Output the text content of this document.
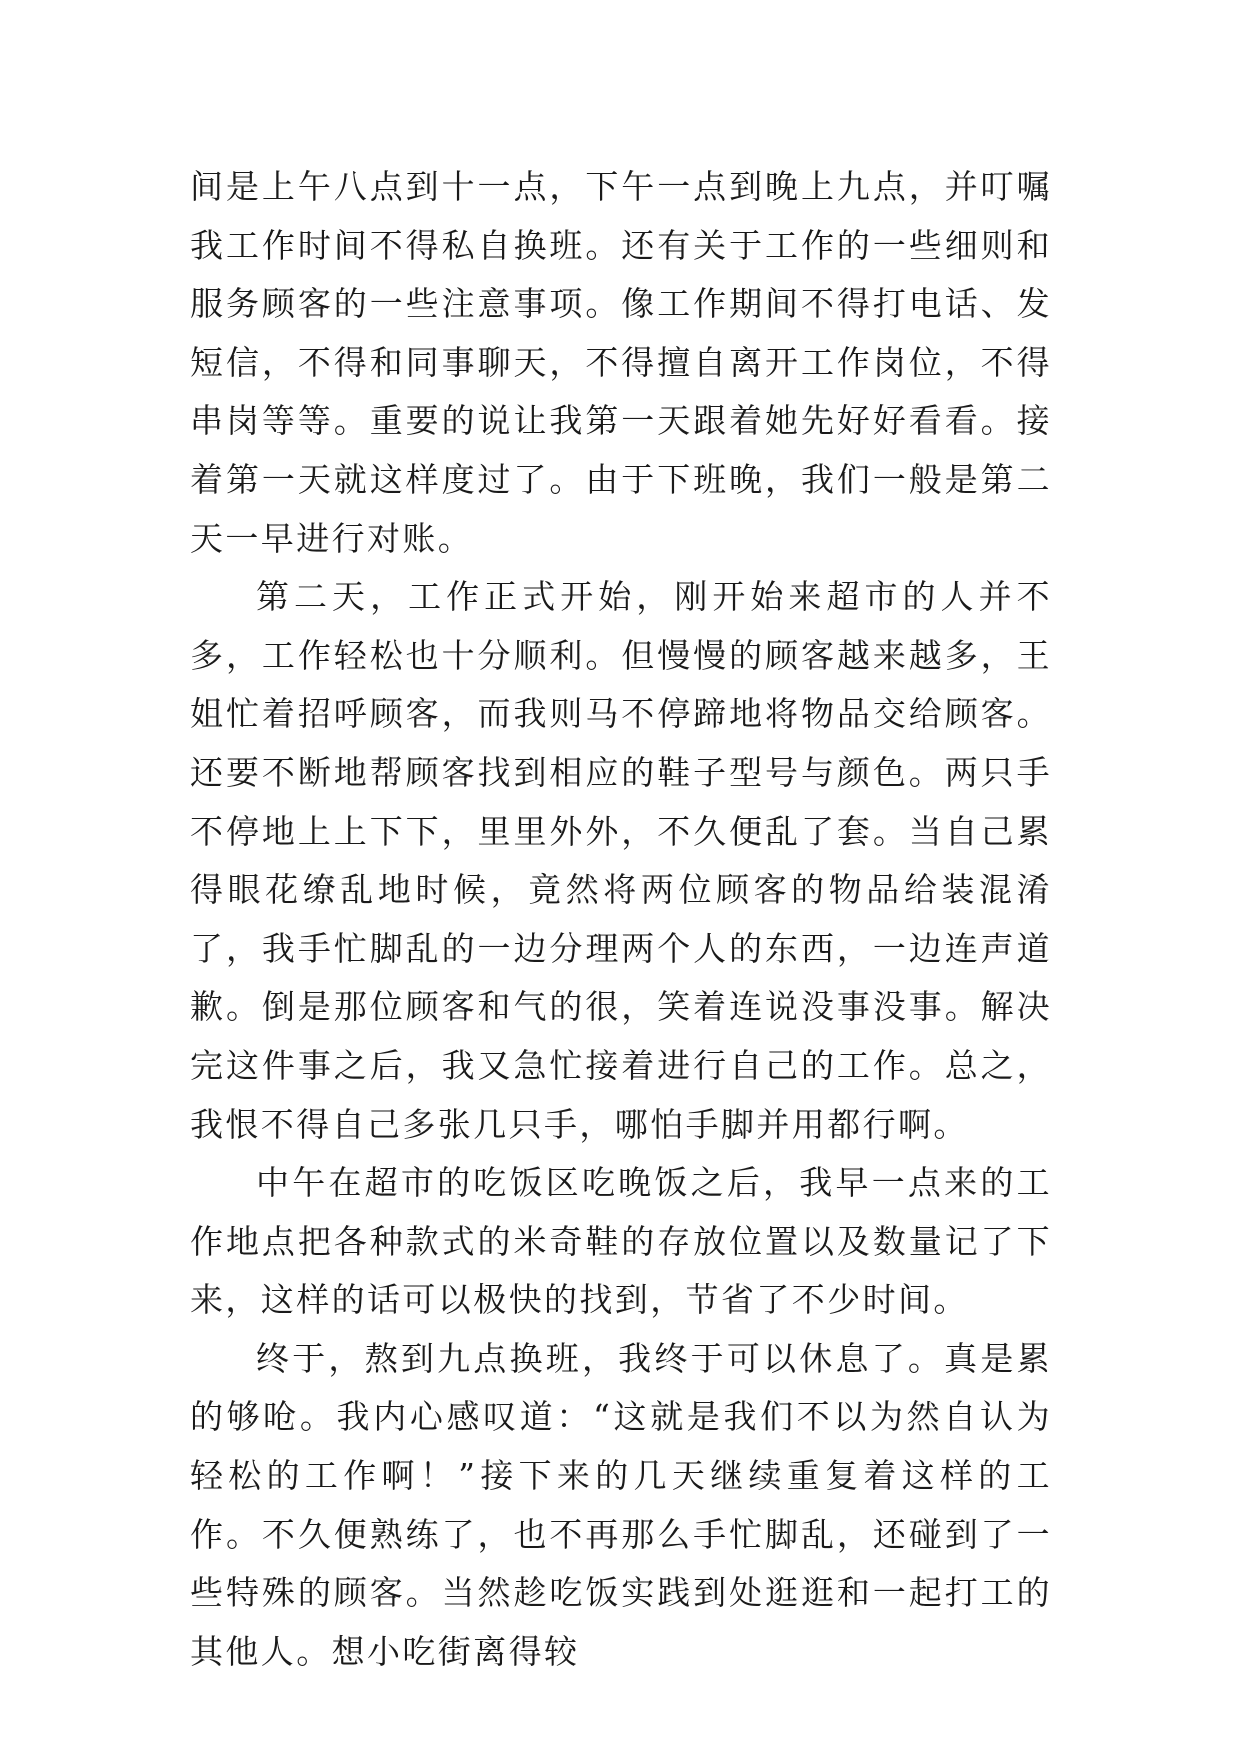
间是上午八点到十一点，下午一点到晚上九点，并叮嘱我工作时间不得私自换班。还有关于工作的一些细则和服务顾客的一些注意事项。像工作期间不得打电话、发短信，不得和同事聊天，不得擅自离开工作岗位，不得串岗等等。重要的说让我第一天跟着她先好好看看。接着第一天就这样度过了。由于下班晚，我们一般是第二天一早进行对账。

第二天，工作正式开始，刚开始来超市的人并不多，工作轻松也十分顺利。但慢慢的顾客越来越多，王姐忙着招呼顾客，而我则马不停蹄地将物品交给顾客。还要不断地帮顾客找到相应的鞋子型号与颜色。两只手不停地上上下下，里里外外，不久便乱了套。当自己累得眼花缭乱地时候，竟然将两位顾客的物品给装混淆了，我手忙脚乱的一边分理两个人的东西，一边连声道歉。倒是那位顾客和气的很，笑着连说没事没事。解决完这件事之后，我又急忙接着进行自己的工作。总之，我恨不得自己多张几只手，哪怕手脚并用都行啊。

中午在超市的吃饭区吃晚饭之后，我早一点来的工作地点把各种款式的米奇鞋的存放位置以及数量记了下来，这样的话可以极快的找到，节省了不少时间。

终于，熬到九点换班，我终于可以休息了。真是累的够呛。我内心感叹道：“这就是我们不以为然自认为轻松的工作啊！”接下来的几天继续重复着这样的工作。不久便熟练了，也不再那么手忙脚乱，还碰到了一些特殊的顾客。当然趁吃饭实践到处逛逛和一起打工的其他人。想小吃街离得较
